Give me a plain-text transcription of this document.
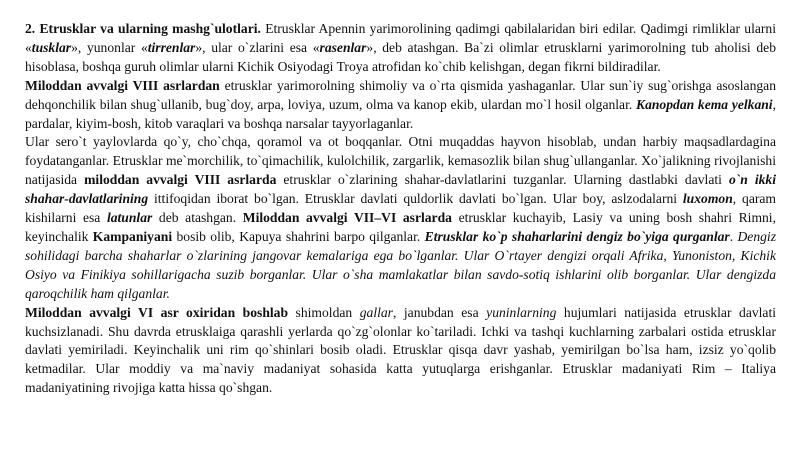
2. Etrusklar va ularning mashg`ulotlari. Etrusklar Apennin yarimorolining qadimgi qabilalaridan biri edilar. Qadimgi rimliklar ularni «tusklar», yunonlar «tirrenlar», ular o`zlarini esa «rasenlar», deb atashgan. Ba`zi olimlar etrusklarni yarimorolning tub aholisi deb hisoblasa, boshqa guruh olimlar ularni Kichik Osiyodagi Troya atrofidan ko`chib kelishgan, degan fikrni bildiradilar.

Miloddan avvalgi VIII asrlardan etrusklar yarimorolning shimoliy va o`rta qismida yashaganlar. Ular sun`iy sug`orishga asoslangan dehqonchilik bilan shug`ullanib, bug`doy, arpa, loviya, uzum, olma va kanop ekib, ulardan mo`l hosil olganlar. Kanopdan kema yelkani, pardalar, kiyim-bosh, kitob varaqlari va boshqa narsalar tayyorlaganlar.

Ular sero`t yaylovlarda qo`y, cho`chqa, qoramol va ot boqqanlar. Otni muqaddas hayvon hisoblab, undan harbiy maqsadlardagina foydatanganlar. Etrusklar me`morchilik, to`qimachilik, kulolchilik, zargarlik, kemasozlik bilan shug`ullanganlar. Xo`jalikning rivojlanishi natijasida miloddan avvalgi VIII asrlarda etrusklar o`zlarining shahar-davlatlarini tuzganlar. Ularning dastlabki davlati o`n ikki shahar-davlatlarining ittifoqidan iborat bo`lgan. Etrusklar davlati quldorlik davlati bo`lgan. Ular boy, aslzodalarni luxomon, qaram kishilarni esa latunlar deb atashgan. Miloddan avvalgi VII–VI asrlarda etrusklar kuchayib, Lasiy va uning bosh shahri Rimni, keyinchalik Kampaniyani bosib olib, Kapuya shahrini barpo qilganlar. Etrusklar ko`p shaharlarini dengiz bo`yiga qurganlar. Dengiz sohilidagi barcha shaharlar o`zlarining jangovar kemalariga ega bo`lganlar. Ular O`rtayer dengizi orqali Afrika, Yunoniston, Kichik Osiyo va Finikiya sohillarigacha suzib borganlar. Ular o`sha mamlakatlar bilan savdo-sotiq ishlarini olib borganlar. Ular dengizda qaroqchilik ham qilganlar.

Miloddan avvalgi VI asr oxiridan boshlab shimoldan gallar, janubdan esa yuninlarning hujumlari natijasida etrusklar davlati kuchsizlanadi. Shu davrda etrusklaiga qarashli yerlarda qo`zg`olonlar ko`tariladi. Ichki va tashqi kuchlarning zarbalari ostida etrusklar davlati yemiriladi. Keyinchalik uni rim qo`shinlari bosib oladi. Etrusklar qisqa davr yashab, yemirilgan bo`lsa ham, izsiz yo`qolib ketmadilar. Ular moddiy va ma`naviy madaniyat sohasida katta yutuqlarga erishganlar. Etrusklar madaniyati Rim – Italiya madaniyatining rivojiga katta hissa qo`shgan.
